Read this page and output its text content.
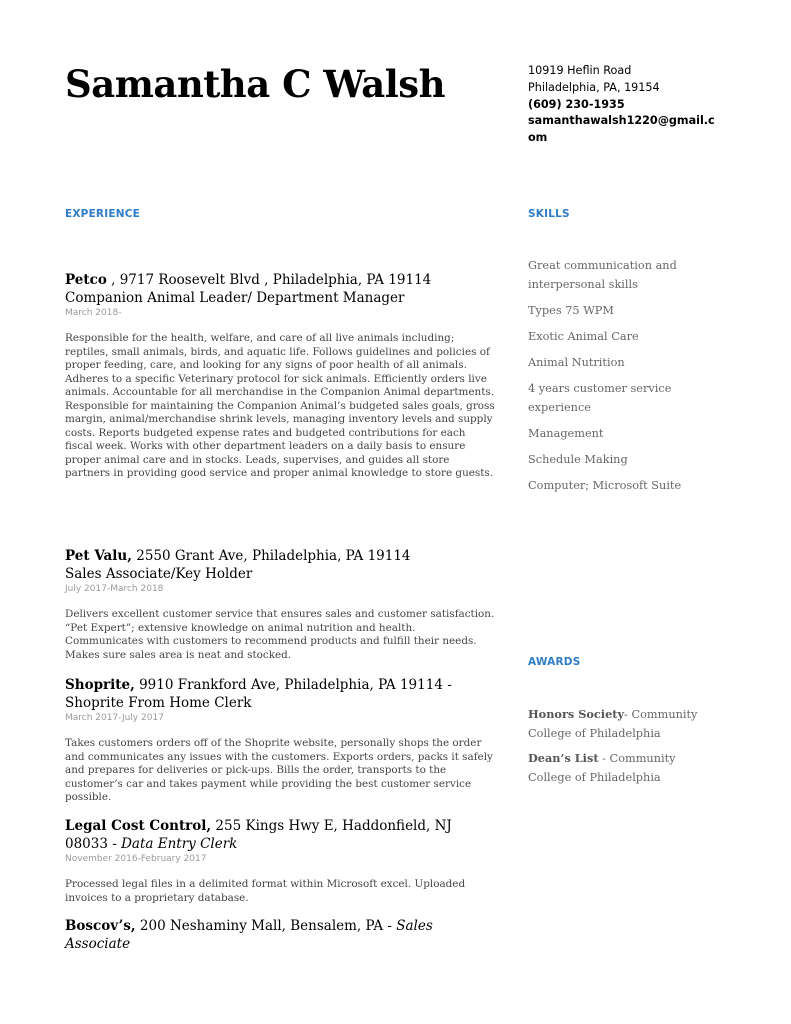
Samantha C Walsh	10919 Heflin Road
Philadelphia, PA, 19154
(609) 230-1935
samanthawalsh1220@gmail.c
om
EXPERIENCE	SKILLS
AWARDS
Petco , 9717 Roosevelt Blvd , Philadelphia, PA 19114
Companion Animal Leader/ Department Manager
March 2018-
Responsible for the health, welfare, and care of all live animals including; reptiles, small animals, birds, and aquatic life. Follows guidelines and policies of proper feeding, care, and looking for any signs of poor health of all animals. Adheres to a specific Veterinary protocol for sick animals. Efficiently orders live animals. Accountable for all merchandise in the Companion Animal departments. Responsible for maintaining the Companion Animal’s budgeted sales goals, gross margin, animal/merchandise shrink levels, managing inventory levels and supply costs. Reports budgeted expense rates and budgeted contributions for each fiscal week. Works with other department leaders on a daily basis to ensure proper animal care and in stocks. Leads, supervises, and guides all store partners in providing good service and proper animal knowledge to store guests.
Pet Valu, 2550 Grant Ave, Philadelphia, PA 19114
Sales Associate/Key Holder
July 2017-March 2018
Delivers excellent customer service that ensures sales and customer satisfaction. “Pet Expert”; extensive knowledge on animal nutrition and health. Communicates with customers to recommend products and fulfill their needs. Makes sure sales area is neat and stocked.
Shoprite, 9910 Frankford Ave, Philadelphia, PA 19114 - Shoprite From Home Clerk
March 2017-July 2017
Takes customers orders off of the Shoprite website, personally shops the order and communicates any issues with the customers. Exports orders, packs it safely and prepares for deliveries or pick-ups. Bills the order, transports to the customer’s car and takes payment while providing the best customer service possible.
Legal Cost Control, 255 Kings Hwy E, Haddonfield, NJ 08033 - Data Entry Clerk
November 2016-February 2017
Processed legal files in a delimited format within Microsoft excel. Uploaded invoices to a proprietary database.
Boscov’s, 200 Neshaminy Mall, Bensalem, PA - Sales Associate
Great communication and interpersonal skills
Types 75 WPM
Exotic Animal Care
Animal Nutrition
4 years customer service experience
Management
Schedule Making
Computer; Microsoft Suite
Honors Society- Community College of Philadelphia
Dean’s List - Community College of Philadelphia
